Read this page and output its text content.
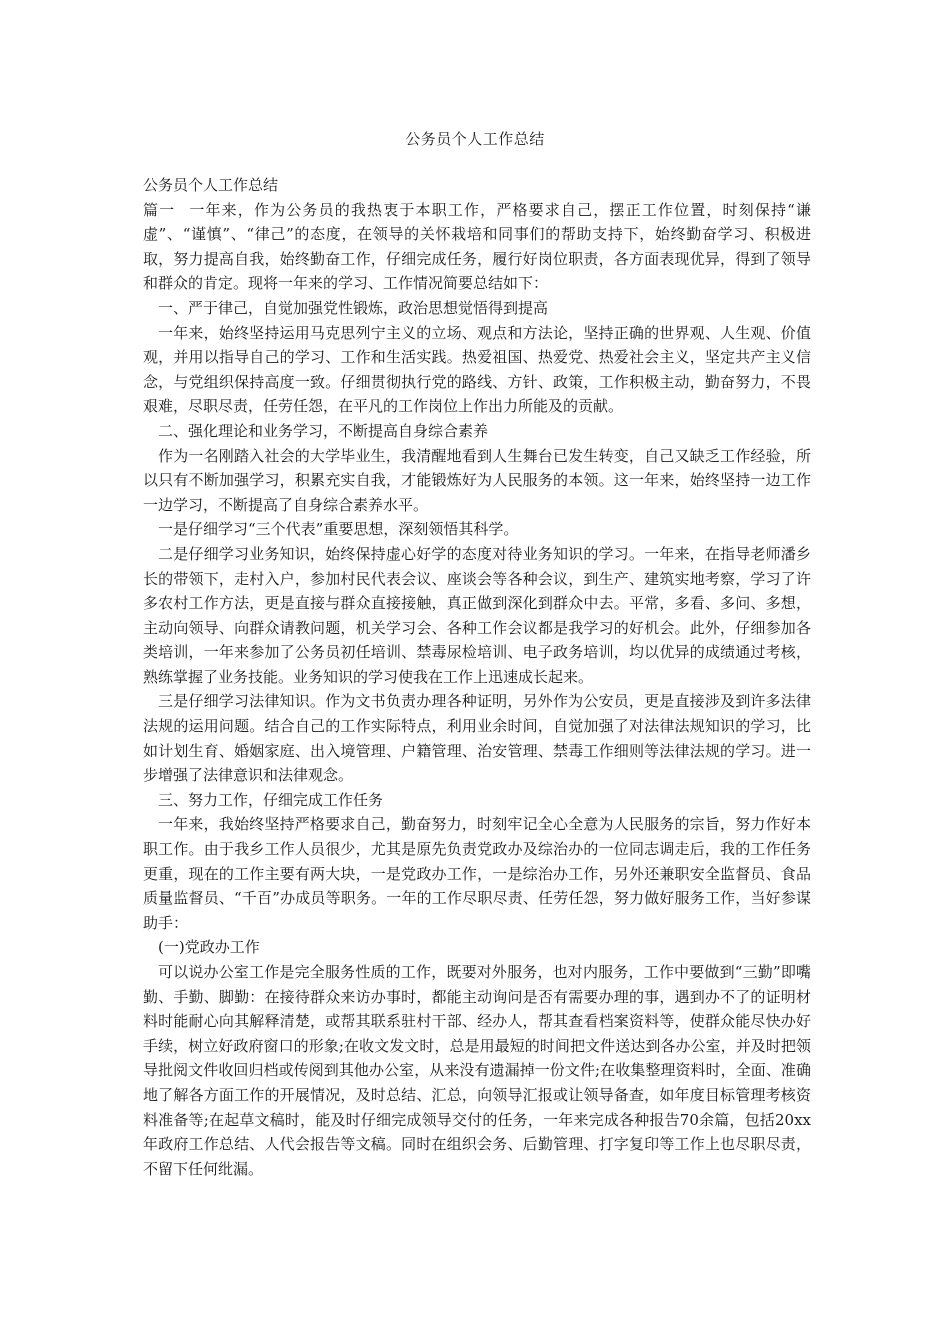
公务员个人工作总结

公务员个人工作总结

篇一 一年来，作为公务员的我热衷于本职工作，严格要求自己，摆正工作位置，时刻保持“谦虚”、“谨慎”、“律己”的态度，在领导的关怀栽培和同事们的帮助支持下，始终勤奋学习、积极进取，努力提高自我，始终勤奋工作，仔细完成任务，履行好岗位职责，各方面表现优异，得到了领导和群众的肯定。现将一年来的学习、工作情况简要总结如下：

一、严于律己，自觉加强党性锻炼，政治思想觉悟得到提高

一年来，始终坚持运用马克思列宁主义的立场、观点和方法论，坚持正确的世界观、人生观、价值观，并用以指导自己的学习、工作和生活实践。热爱祖国、热爱党、热爱社会主义，坚定共产主义信念，与党组织保持高度一致。仔细贯彻执行党的路线、方针、政策，工作积极主动，勤奋努力，不畏艰难，尽职尽责，任劳任怨，在平凡的工作岗位上作出力所能及的贡献。

二、强化理论和业务学习，不断提高自身综合素养

作为一名刚踏入社会的大学毕业生，我清醒地看到人生舞台已发生转变，自己又缺乏工作经验，所以只有不断加强学习，积累充实自我，才能锻炼好为人民服务的本领。这一年来，始终坚持一边工作一边学习，不断提高了自身综合素养水平。

一是仔细学习“三个代表”重要思想，深刻领悟其科学。

二是仔细学习业务知识，始终保持虚心好学的态度对待业务知识的学习。一年来，在指导老师潘乡长的带领下，走村入户，参加村民代表会议、座谈会等各种会议，到生产、建筑实地考察，学习了许多农村工作方法，更是直接与群众直接接触，真正做到深化到群众中去。平常，多看、多问、多想，主动向领导、向群众请教问题，机关学习会、各种工作会议都是我学习的好机会。此外，仔细参加各类培训，一年来参加了公务员初任培训、禁毒尿检培训、电子政务培训，均以优异的成绩通过考核，熟练掌握了业务技能。业务知识的学习使我在工作上迅速成长起来。

三是仔细学习法律知识。作为文书负责办理各种证明，另外作为公安员，更是直接涉及到许多法律法规的运用问题。结合自己的工作实际特点，利用业余时间，自觉加强了对法律法规知识的学习，比如计划生育、婚姻家庭、出入境管理、户籍管理、治安管理、禁毒工作细则等法律法规的学习。进一步增强了法律意识和法律观念。

三、努力工作，仔细完成工作任务

一年来，我始终坚持严格要求自己，勤奋努力，时刻牢记全心全意为人民服务的宗旨，努力作好本职工作。由于我乡工作人员很少，尤其是原先负责党政办及综治办的一位同志调走后，我的工作任务更重，现在的工作主要有两大块，一是党政办工作，一是综治办工作，另外还兼职安全监督员、食品质量监督员、“千百”办成员等职务。一年的工作尽职尽责、任劳任怨，努力做好服务工作，当好参谋助手：

(一)党政办工作

可以说办公室工作是完全服务性质的工作，既要对外服务，也对内服务，工作中要做到“三勤”即嘴勤、手勤、脚勤：在接待群众来访办事时，都能主动询问是否有需要办理的事，遇到办不了的证明材料时能耐心向其解释清楚，或帮其联系驻村干部、经办人，帮其查看档案资料等，使群众能尽快办好手续，树立好政府窗口的形象;在收文发文时，总是用最短的时间把文件送达到各办公室，并及时把领导批阅文件收回归档或传阅到其他办公室，从来没有遗漏掉一份文件;在收集整理资料时，全面、准确地了解各方面工作的开展情况，及时总结、汇总，向领导汇报或让领导备查，如年度目标管理考核资料准备等;在起草文稿时，能及时仔细完成领导交付的任务，一年来完成各种报告70余篇，包括20xx年政府工作总结、人代会报告等文稿。同时在组织会务、后勤管理、打字复印等工作上也尽职尽责，不留下任何纰漏。
